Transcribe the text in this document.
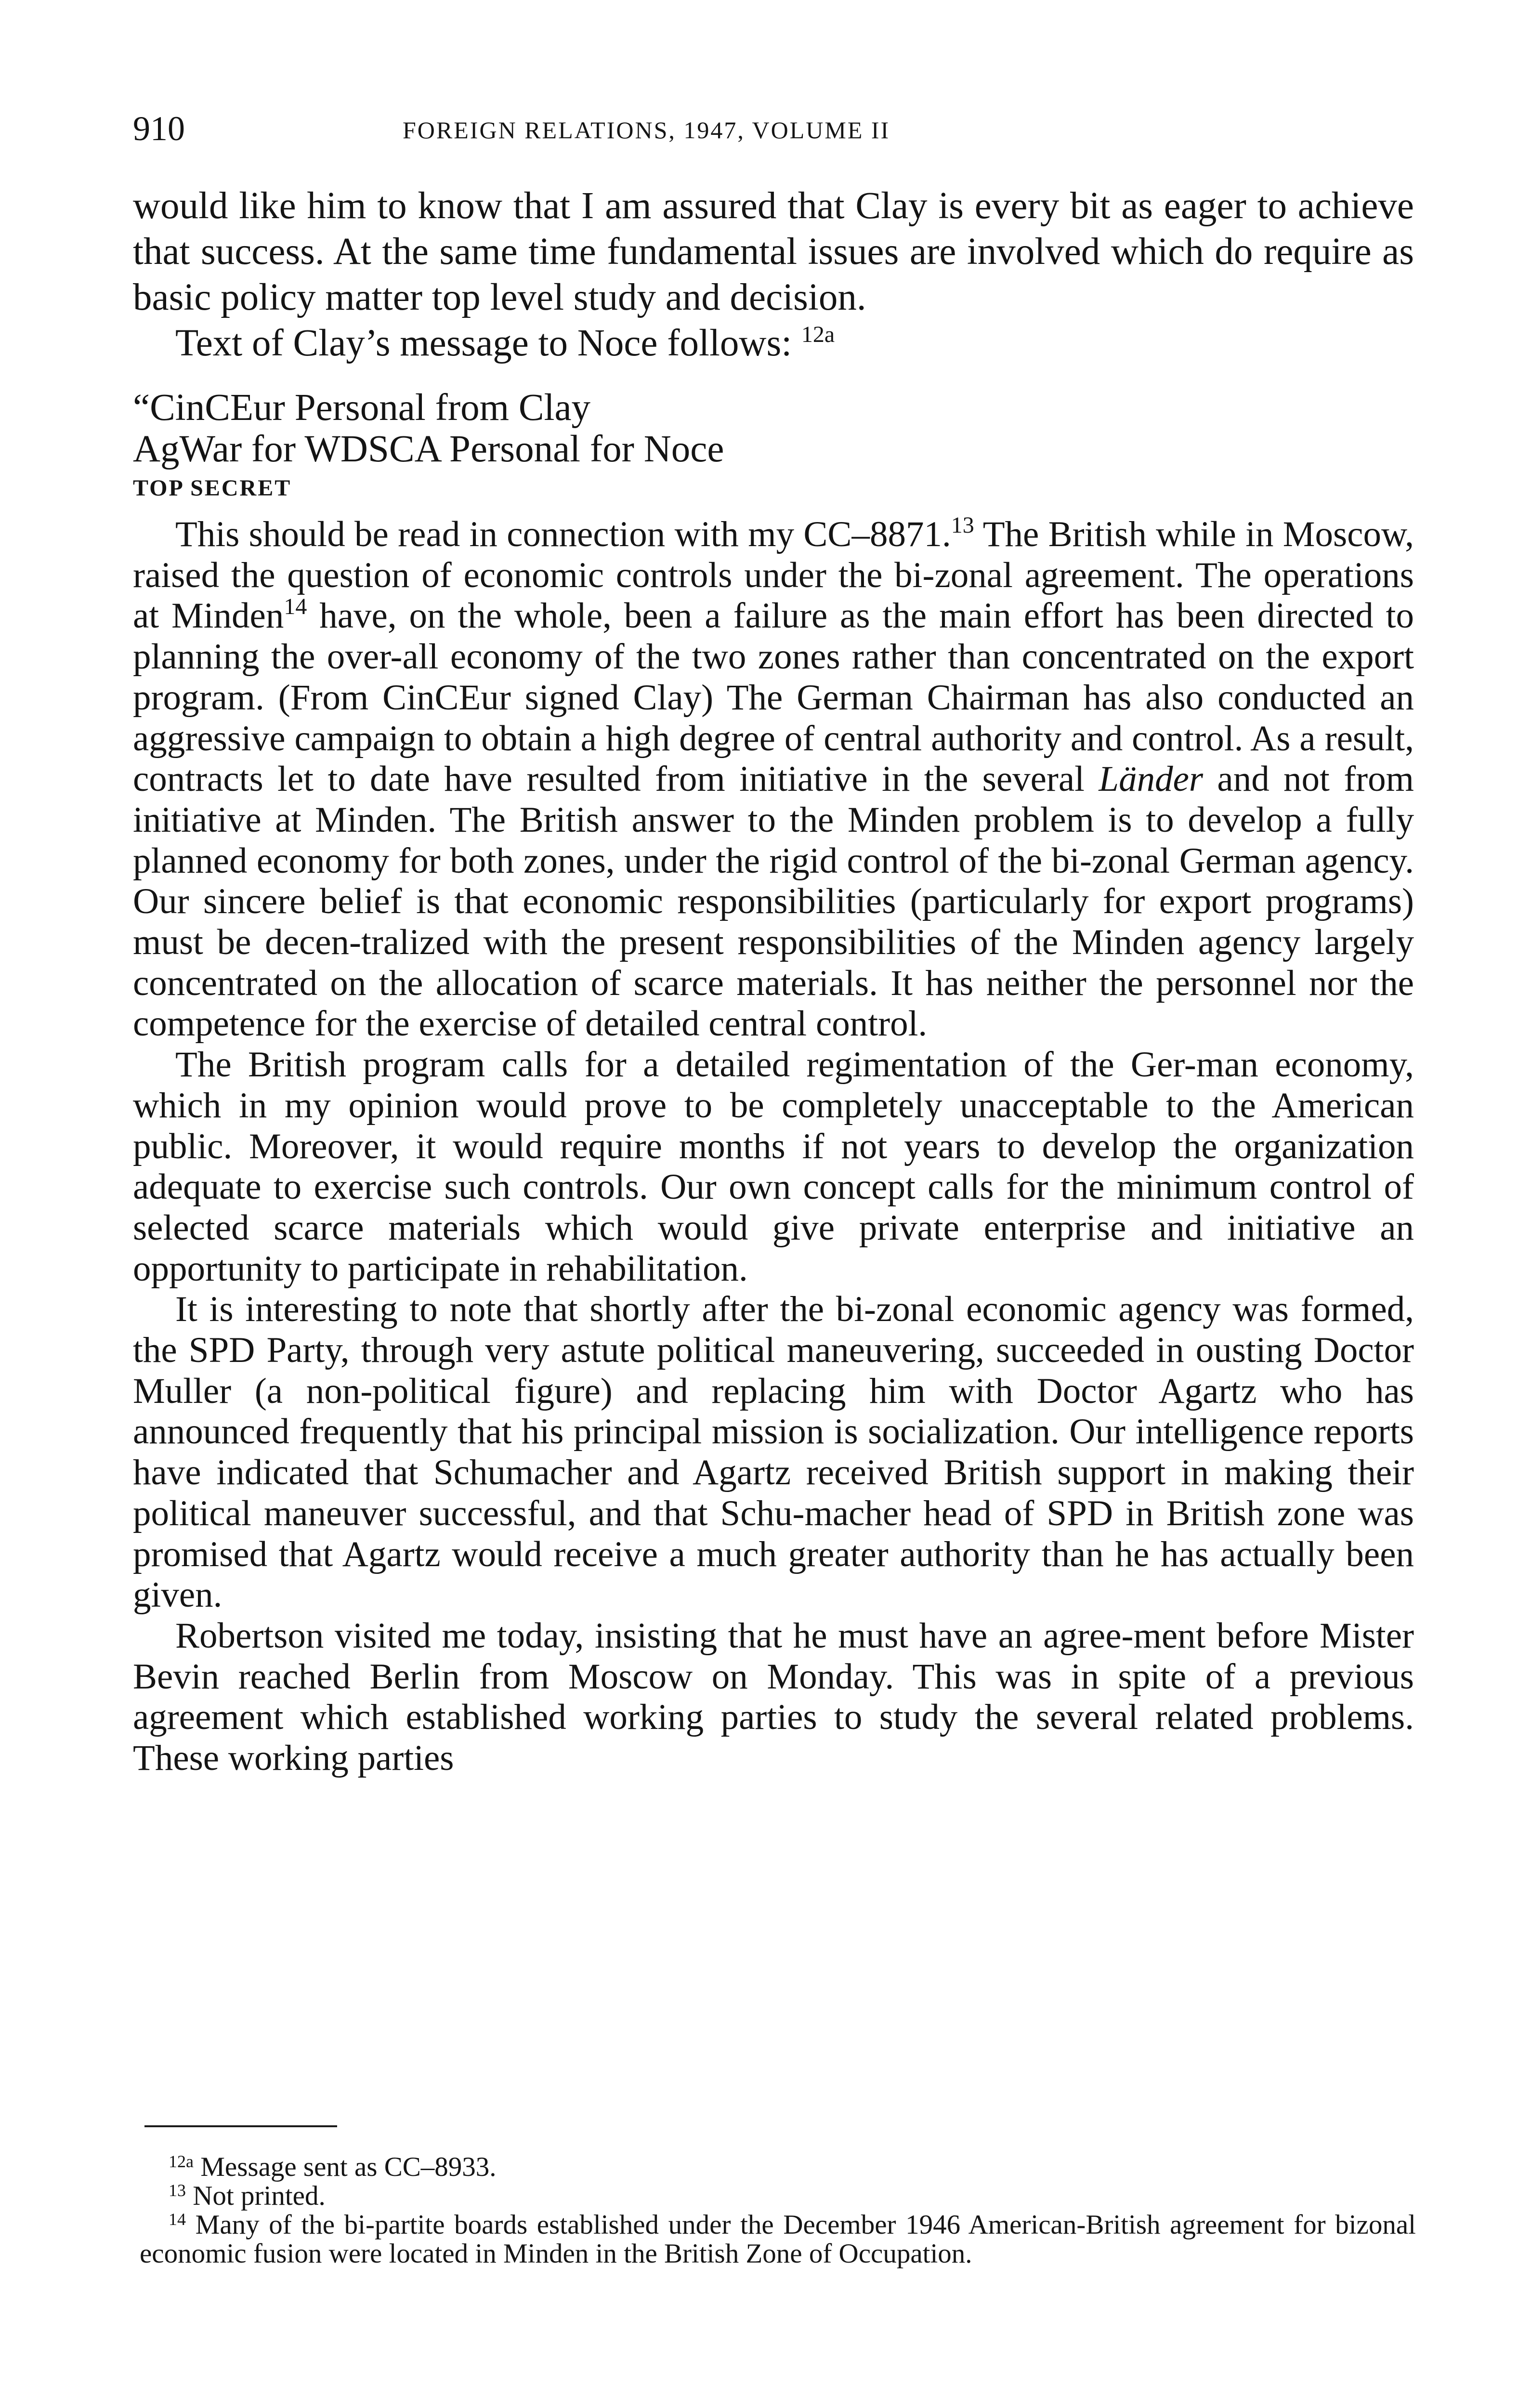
910	FOREIGN RELATIONS, 1947, VOLUME II

would like him to know that I am assured that Clay is every bit as eager to achieve that success. At the same time fundamental issues are involved which do require as basic policy matter top level study and decision.

Text of Clay’s message to Noce follows: $^{12a}$

“CinCEur Personal from Clay

AgWar for WDSCA Personal for Noce

TOP SECRET

This should be read in connection with my CC–8871.13 The British while in Moscow, raised the question of economic controls under the bi-zonal agreement. The operations at Minden$^{14}$ have, on the whole, been a failure as the main effort has been directed to planning the over-all economy of the two zones rather than concentrated on the export program. (From CinCEur signed Clay) The German Chairman has also conducted an aggressive campaign to obtain a high degree of central authority and control. As a result, contracts let to date have resulted from initiative in the several Länder and not from initiative at Minden. The British answer to the Minden problem is to develop a fully planned economy for both zones, under the rigid control of the bi-zonal German agency. Our sincere belief is that economic responsibilities (particularly for export programs) must be decen-tralized with the present responsibilities of the Minden agency largely concentrated on the allocation of scarce materials. It has neither the personnel nor the competence for the exercise of detailed central control.

The British program calls for a detailed regimentation of the Ger-man economy, which in my opinion would prove to be completely unacceptable to the American public. Moreover, it would require months if not years to develop the organization adequate to exercise such controls. Our own concept calls for the minimum control of selected scarce materials which would give private enterprise and initiative an opportunity to participate in rehabilitation.

It is interesting to note that shortly after the bi-zonal economic agency was formed, the SPD Party, through very astute political maneuvering, succeeded in ousting Doctor Muller (a non-political figure) and replacing him with Doctor Agartz who has announced frequently that his principal mission is socialization. Our intelligence reports have indicated that Schumacher and Agartz received British support in making their political maneuver successful, and that Schu-macher head of SPD in British zone was promised that Agartz would receive a much greater authority than he has actually been given.

Robertson visited me today, insisting that he must have an agree-ment before Mister Bevin reached Berlin from Moscow on Monday. This was in spite of a previous agreement which established working parties to study the several related problems. These working parties

$^{12a}$ Message sent as CC–8933.

$^{13}$ Not printed.

$^{14}$ Many of the bi-partite boards established under the December 1946 American-British agreement for bizonal economic fusion were located in Minden in the British Zone of Occupation.
